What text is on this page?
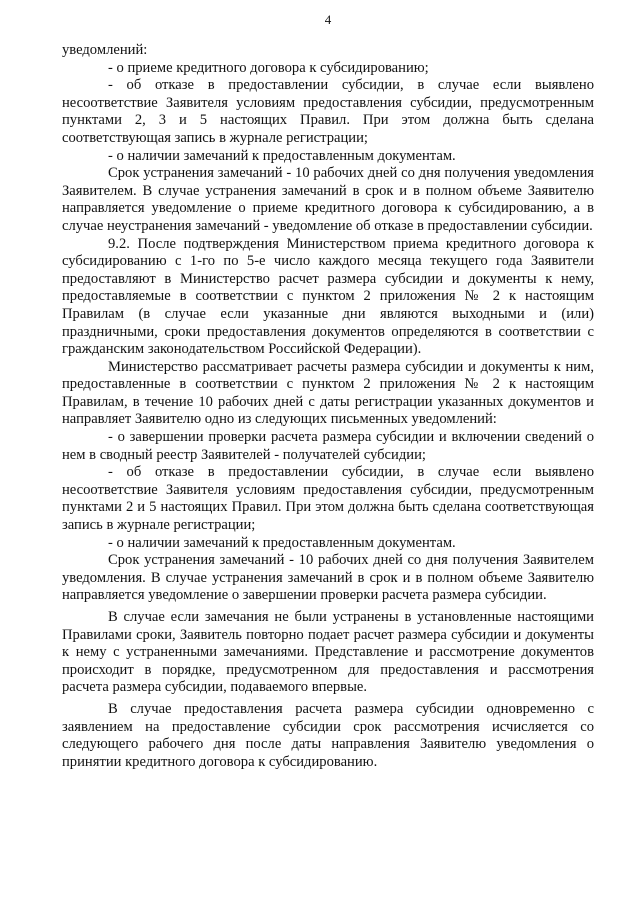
4

уведомлений:

- о приеме кредитного договора к субсидированию;

- об отказе в предоставлении субсидии, в случае если выявлено несоответствие Заявителя условиям предоставления субсидии, предусмотренным пунктами 2, 3 и 5 настоящих Правил. При этом должна быть сделана соответствующая запись в журнале регистрации;

- о наличии замечаний к предоставленным документам.

Срок устранения замечаний - 10 рабочих дней со дня получения уведомления Заявителем. В случае устранения замечаний в срок и в полном объеме Заявителю направляется уведомление о приеме кредитного договора к субсидированию, а в случае неустранения замечаний - уведомление об отказе в предоставлении субсидии.

9.2. После подтверждения Министерством приема кредитного договора к субсидированию с 1-го по 5-е число каждого месяца текущего года Заявители предоставляют в Министерство расчет размера субсидии и документы к нему, предоставляемые в соответствии с пунктом 2 приложения № 2 к настоящим Правилам (в случае если указанные дни являются выходными и (или) праздничными, сроки предоставления документов определяются в соответствии с гражданским законодательством Российской Федерации).

Министерство рассматривает расчеты размера субсидии и документы к ним, предоставленные в соответствии с пунктом 2 приложения № 2 к настоящим Правилам, в течение 10 рабочих дней с даты регистрации указанных документов и направляет Заявителю одно из следующих письменных уведомлений:

- о завершении проверки расчета размера субсидии и включении сведений о нем в сводный реестр Заявителей - получателей субсидии;

- об отказе в предоставлении субсидии, в случае если выявлено несоответствие Заявителя условиям предоставления субсидии, предусмотренным пунктами 2 и 5 настоящих Правил. При этом должна быть сделана соответствующая запись в журнале регистрации;

- о наличии замечаний к предоставленным документам.

Срок устранения замечаний - 10 рабочих дней со дня получения Заявителем уведомления. В случае устранения замечаний в срок и в полном объеме Заявителю направляется уведомление о завершении проверки расчета размера субсидии.

В случае если замечания не были устранены в установленные настоящими Правилами сроки, Заявитель повторно подает расчет размера субсидии и документы к нему с устраненными замечаниями. Представление и рассмотрение документов происходит в порядке, предусмотренном для предоставления и рассмотрения расчета размера субсидии, подаваемого впервые.

В случае предоставления расчета размера субсидии одновременно с заявлением на предоставление субсидии срок рассмотрения исчисляется со следующего рабочего дня после даты направления Заявителю уведомления о принятии кредитного договора к субсидированию.
